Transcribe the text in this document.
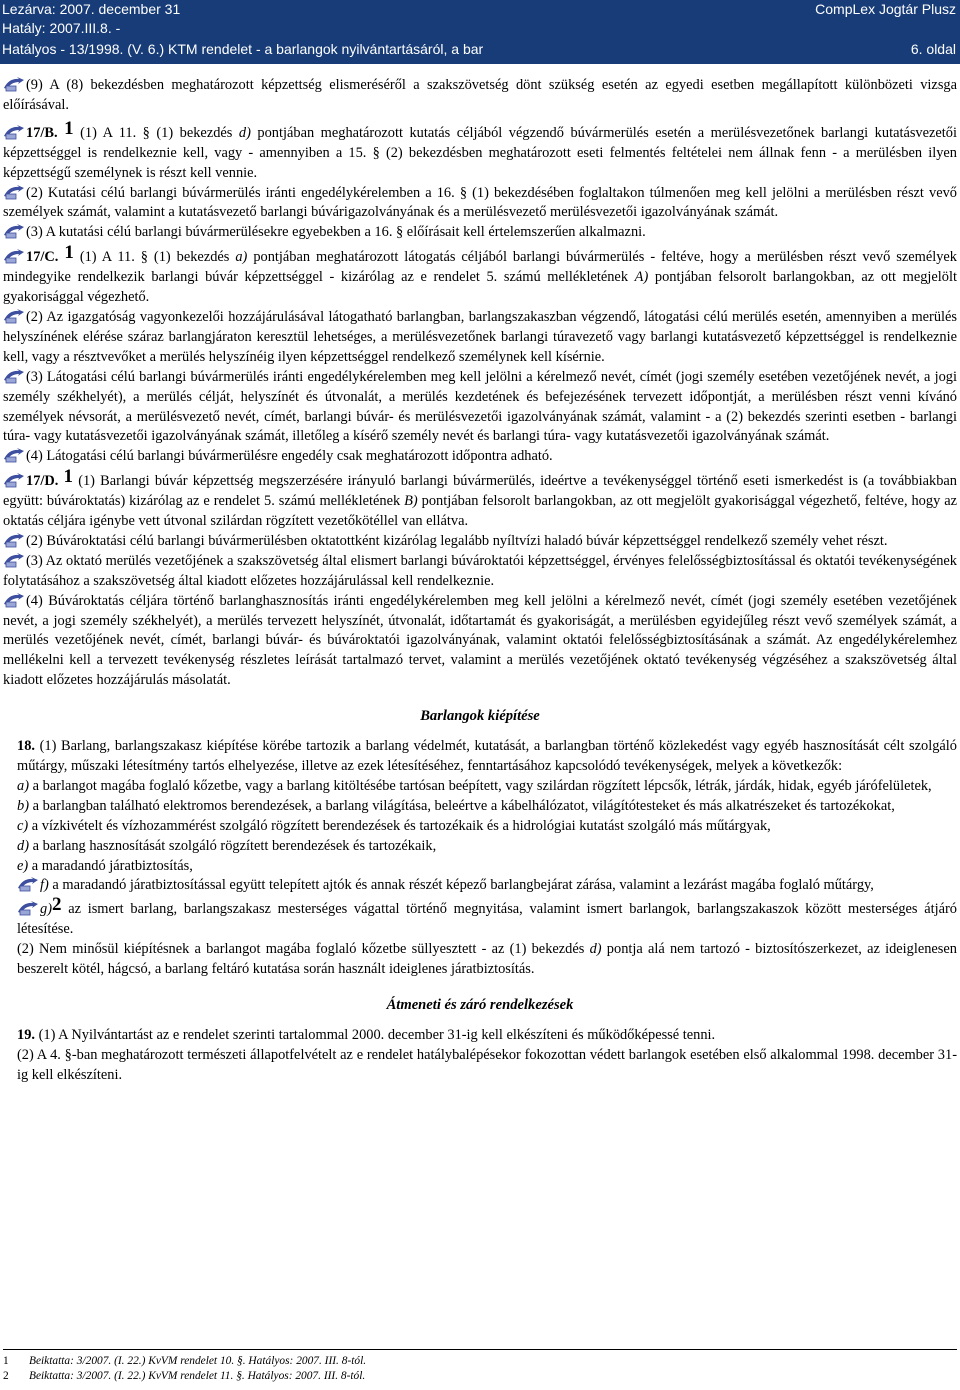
Lezárva: 2007. december 31
Hatály: 2007.III.8. -
Hatályos - 13/1998. (V. 6.) KTM rendelet - a barlangok nyilvántartásáról, a bar
CompLex Jogtár Plusz
6. oldal

(9) A (8) bekezdésben meghatározott képzettség elismeréséről a szakszövetség dönt szükség esetén az egyedi esetben megállapított különbözeti vizsga előírásával.

17/B. 1 (1) A 11. § (1) bekezdés d) pontjában meghatározott kutatás céljából végzendő búvármerülés esetén a merülésvezetőnek barlangi kutatásvezetői képzettséggel is rendelkeznie kell, vagy - amennyiben a 15. § (2) bekezdésben meghatározott eseti felmentés feltételei nem állnak fenn - a merülésben ilyen képzettségű személynek is részt kell vennie.

(2) Kutatási célú barlangi búvármerülés iránti engedélykérelemben a 16. § (1) bekezdésében foglaltakon túlmenően meg kell jelölni a merülésben részt vevő személyek számát, valamint a kutatásvezető barlangi búvárigazolványának és a merülésvezető merülésvezetői igazolványának számát.

(3) A kutatási célú barlangi búvármerülésekre egyebekben a 16. § előírásait kell értelemszerűen alkalmazni.

17/C. 1 (1) A 11. § (1) bekezdés a) pontjában meghatározott látogatás céljából barlangi búvármerülés - feltéve, hogy a merülésben részt vevő személyek mindegyike rendelkezik barlangi búvár képzettséggel - kizárólag az e rendelet 5. számú mellékletének A) pontjában felsorolt barlangokban, az ott megjelölt gyakorisággal végezhető.

(2) Az igazgatóság vagyonkezelői hozzájárulásával látogatható barlangban, barlangszakaszban végzendő, látogatási célú merülés esetén, amennyiben a merülés helyszínének elérése száraz barlangjáraton keresztül lehetséges, a merülésvezetőnek barlangi túravezető vagy barlangi kutatásvezető képzettséggel is rendelkeznie kell, vagy a résztvevőket a merülés helyszínéig ilyen képzettséggel rendelkező személynek kell kísérnie.

(3) Látogatási célú barlangi búvármerülés iránti engedélykérelemben meg kell jelölni a kérelmező nevét, címét (jogi személy esetében vezetőjének nevét, a jogi személy székhelyét), a merülés célját, helyszínét és útvonalát, a merülés kezdetének és befejezésének tervezett időpontját, a merülésben részt venni kívánó személyek névsorát, a merülésvezető nevét, címét, barlangi búvár- és merülésvezetői igazolványának számát, valamint - a (2) bekezdés szerinti esetben - barlangi túra- vagy kutatásvezetői igazolványának számát, illetőleg a kísérő személy nevét és barlangi túra- vagy kutatásvezetői igazolványának számát.

(4) Látogatási célú barlangi búvármerülésre engedély csak meghatározott időpontra adható.

17/D. 1 (1) Barlangi búvár képzettség megszerzésére irányuló barlangi búvármerülés, ideértve a tevékenységgel történő eseti ismerkedést is (a továbbiakban együtt: búvároktatás) kizárólag az e rendelet 5. számú mellékletének B) pontjában felsorolt barlangokban, az ott megjelölt gyakorisággal végezhető, feltéve, hogy az oktatás céljára igénybe vett útvonal szilárdan rögzített vezetőkötéllel van ellátva.

(2) Búvároktatási célú barlangi búvármerülésben oktatottként kizárólag legalább nyíltvízi haladó búvár képzettséggel rendelkező személy vehet részt.

(3) Az oktató merülés vezetőjének a szakszövetség által elismert barlangi búvároktatói képzettséggel, érvényes felelősségbiztosítással és oktatói tevékenységének folytatásához a szakszövetség által kiadott előzetes hozzájárulással kell rendelkeznie.

(4) Búvároktatás céljára történő barlanghasznosítás iránti engedélykérelemben meg kell jelölni a kérelmező nevét, címét (jogi személy esetében vezetőjének nevét, a jogi személy székhelyét), a merülés tervezett helyszínét, útvonalát, időtartamát és gyakoriságát, a merülésben egyidejűleg részt vevő személyek számát, a merülés vezetőjének nevét, címét, barlangi búvár- és búvároktatói igazolványának, valamint oktatói felelősségbiztosításának a számát. Az engedélykérelemhez mellékelni kell a tervezett tevékenység részletes leírását tartalmazó tervet, valamint a merülés vezetőjének oktató tevékenység végzéséhez a szakszövetség által kiadott előzetes hozzájárulás másolatát.

Barlangok kiépítése

18. (1) Barlang, barlangszakasz kiépítése körébe tartozik a barlang védelmét, kutatását, a barlangban történő közlekedést vagy egyéb hasznosítását célt szolgáló műtárgy, műszaki létesítmény tartós elhelyezése, illetve az ezek létesítéséhez, fenntartásához kapcsolódó tevékenységek, melyek a következők:

a) a barlangot magába foglaló kőzetbe, vagy a barlang kitöltésébe tartósan beépített, vagy szilárdan rögzített lépcsők, létrák, járdák, hidak, egyéb járófelületek,

b) a barlangban található elektromos berendezések, a barlang világítása, beleértve a kábelhálózatot, világítótesteket és más alkatrészeket és tartozékokat,

c) a vízkivételt és vízhozammérést szolgáló rögzített berendezések és tartozékaik és a hidrológiai kutatást szolgáló más műtárgyak,

d) a barlang hasznosítását szolgáló rögzített berendezések és tartozékaik,

e) a maradandó járatbiztosítás,

f) a maradandó járatbiztosítással együtt telepített ajtók és annak részét képező barlangbejárat zárása, valamint a lezárást magába foglaló műtárgy,

g)2 az ismert barlang, barlangszakasz mesterséges vágattal történő megnyitása, valamint ismert barlangok, barlangszakaszok között mesterséges átjáró létesítése.

(2) Nem minősül kiépítésnek a barlangot magába foglaló kőzetbe süllyesztett - az (1) bekezdés d) pontja alá nem tartozó - biztosítószerkezet, az ideiglenesen beszerelt kötél, hágcsó, a barlang feltáró kutatása során használt ideiglenes járatbiztosítás.

Átmeneti és záró rendelkezések

19. (1) A Nyilvántartást az e rendelet szerinti tartalommal 2000. december 31-ig kell elkészíteni és működőképessé tenni.

(2) A 4. §-ban meghatározott természeti állapotfelvételt az e rendelet hatálybalépésekor fokozottan védett barlangok esetében első alkalommal 1998. december 31-ig kell elkészíteni.

1 Beiktatta: 3/2007. (I. 22.) KvVM rendelet 10. §. Hatályos: 2007. III. 8-tól.
2 Beiktatta: 3/2007. (I. 22.) KvVM rendelet 11. §. Hatályos: 2007. III. 8-tól.
